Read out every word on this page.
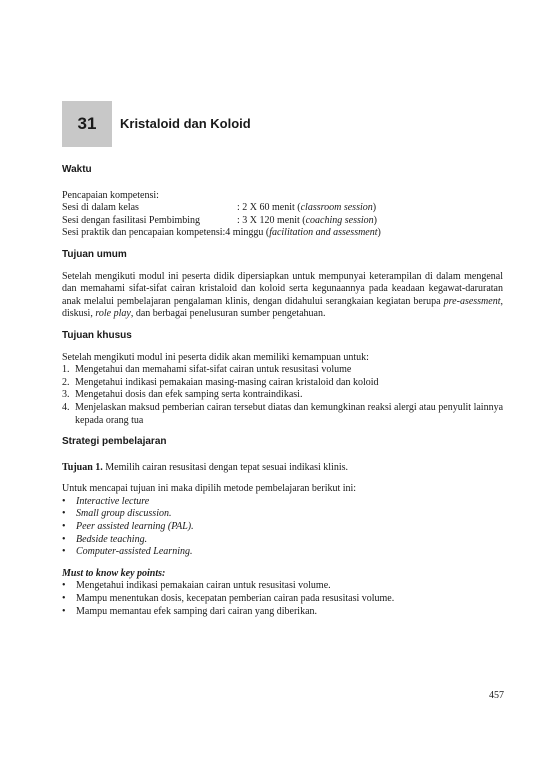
31 Kristaloid dan Koloid

Waktu

Pencapaian kompetensi:

Sesi di dalam kelas	: 2 X 60 menit (classroom session)
Sesi dengan fasilitasi Pembimbing	: 3 X 120 menit (coaching session)
Sesi praktik dan pencapaian kompetensi: 4 minggu (facilitation and assessment)

Tujuan umum

Setelah mengikuti modul ini peserta didik dipersiapkan untuk mempunyai keterampilan di dalam mengenal dan memahami sifat-sifat cairan kristaloid dan koloid serta kegunaannya pada keadaan kegawat-daruratan anak melalui pembelajaran pengalaman klinis, dengan didahului serangkaian kegiatan berupa pre-asessment, diskusi, role play, dan berbagai penelusuran sumber pengetahuan.

Tujuan khusus

Setelah mengikuti modul ini peserta didik akan memiliki kemampuan untuk:

1. Mengetahui dan memahami sifat-sifat cairan untuk resusitasi volume
2. Mengetahui indikasi pemakaian masing-masing cairan kristaloid dan koloid
3. Mengetahui dosis dan efek samping serta kontraindikasi.
4. Menjelaskan maksud pemberian cairan tersebut diatas dan kemungkinan reaksi alergi atau penyulit lainnya kepada orang tua

Strategi pembelajaran

Tujuan 1. Memilih cairan resusitasi dengan tepat sesuai indikasi klinis.

Untuk mencapai tujuan ini maka dipilih metode pembelajaran berikut ini:

•	Interactive lecture
•	Small group discussion.
•	Peer assisted learning (PAL).
•	Bedside teaching.
•	Computer-assisted Learning.

Must to know key points:

•	Mengetahui indikasi pemakaian cairan untuk resusitasi volume.
•	Mampu menentukan dosis, kecepatan pemberian cairan pada resusitasi volume.
•	Mampu memantau efek samping dari cairan yang diberikan.
457
